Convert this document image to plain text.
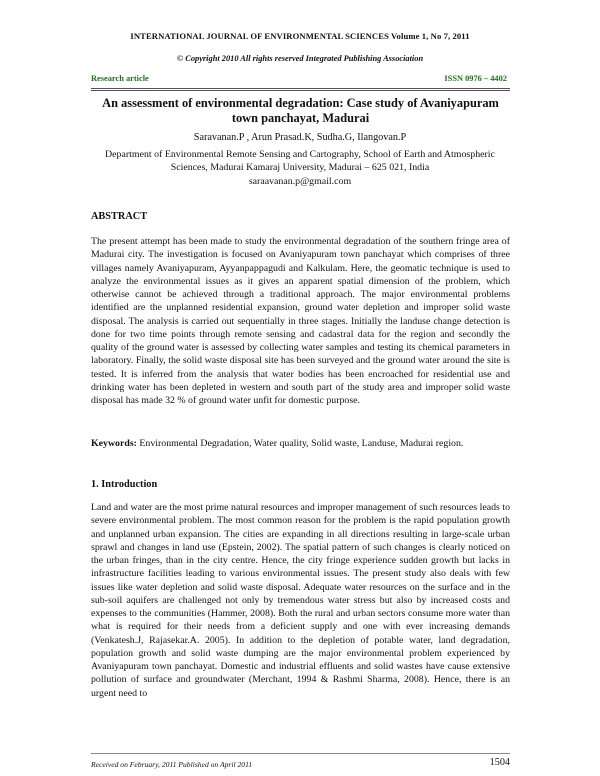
INTERNATIONAL JOURNAL OF ENVIRONMENTAL SCIENCES Volume 1, No 7, 2011
© Copyright 2010 All rights reserved Integrated Publishing Association
Research article	ISSN 0976 – 4402
An assessment of environmental degradation: Case study of Avaniyapuram town panchayat, Madurai
Saravanan.P , Arun Prasad.K, Sudha.G, Ilangovan.P
Department of Environmental Remote Sensing and Cartography, School of Earth and Atmospheric Sciences, Madurai Kamaraj University, Madurai – 625 021, India
saraavanan.p@gmail.com
ABSTRACT
The present attempt has been made to study the environmental degradation of the southern fringe area of Madurai city. The investigation is focused on Avaniyapuram town panchayat which comprises of three villages namely Avaniyapuram, Ayyanpappagudi and Kalkulam. Here, the geomatic technique is used to analyze the environmental issues as it gives an apparent spatial dimension of the problem, which otherwise cannot be achieved through a traditional approach. The major environmental problems identified are the unplanned residential expansion, ground water depletion and improper solid waste disposal. The analysis is carried out sequentially in three stages. Initially the landuse change detection is done for two time points through remote sensing and cadastral data for the region and secondly the quality of the ground water is assessed by collecting water samples and testing its chemical parameters in laboratory. Finally, the solid waste disposal site has been surveyed and the ground water around the site is tested. It is inferred from the analysis that water bodies has been encroached for residential use and drinking water has been depleted in western and south part of the study area and improper solid waste disposal has made 32 % of ground water unfit for domestic purpose.
Keywords: Environmental Degradation, Water quality, Solid waste, Landuse, Madurai region.
1. Introduction
Land and water are the most prime natural resources and improper management of such resources leads to severe environmental problem. The most common reason for the problem is the rapid population growth and unplanned urban expansion. The cities are expanding in all directions resulting in large-scale urban sprawl and changes in land use (Epstein, 2002). The spatial pattern of such changes is clearly noticed on the urban fringes, than in the city centre. Hence, the city fringe experience sudden growth but lacks in infrastructure facilities leading to various environmental issues. The present study also deals with few issues like water depletion and solid waste disposal. Adequate water resources on the surface and in the sub-soil aquifers are challenged not only by tremendous water stress but also by increased costs and expenses to the communities (Hammer, 2008). Both the rural and urban sectors consume more water than what is required for their needs from a deficient supply and one with ever increasing demands (Venkatesh.J, Rajasekar.A. 2005). In addition to the depletion of potable water, land degradation, population growth and solid waste dumping are the major environmental problem experienced by Avaniyapuram town panchayat. Domestic and industrial effluents and solid wastes have cause extensive pollution of surface and groundwater (Merchant, 1994 & Rashmi Sharma, 2008). Hence, there is an urgent need to
Received on February, 2011 Published on April 2011	1504
